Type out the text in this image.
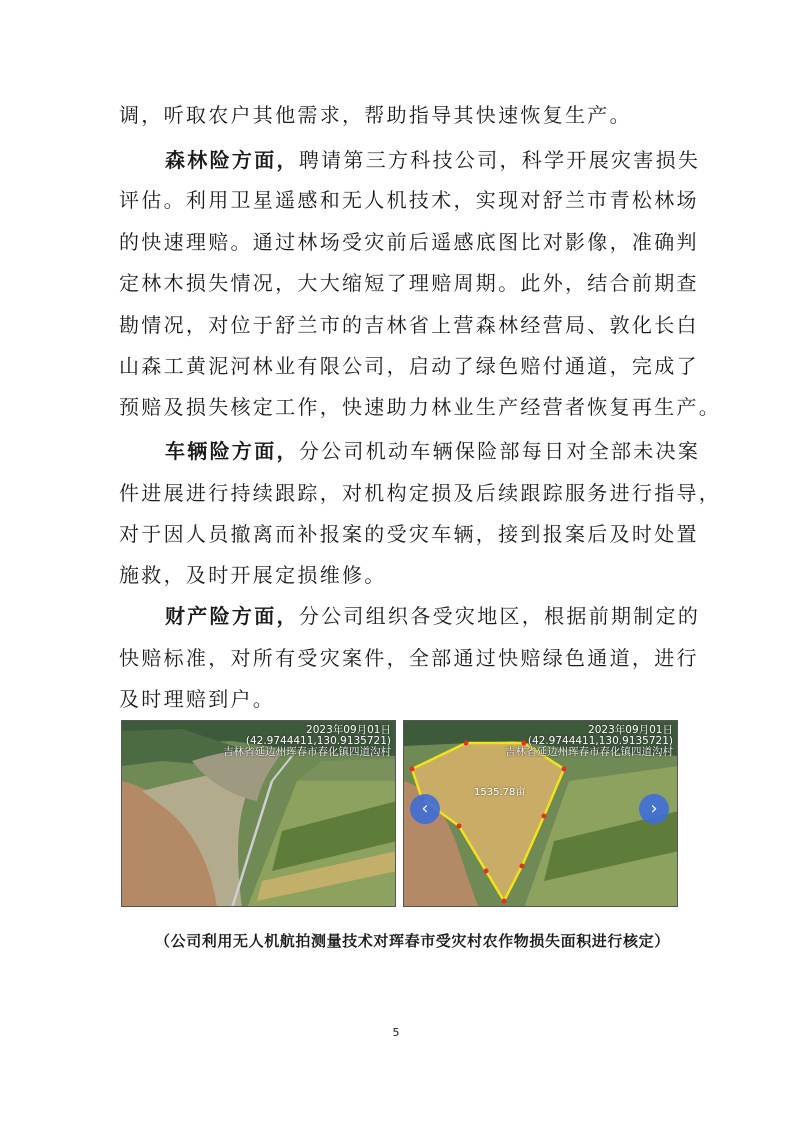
调，听取农户其他需求，帮助指导其快速恢复生产。
森林险方面，聘请第三方科技公司，科学开展灾害损失
评估。利用卫星遥感和无人机技术，实现对舒兰市青松林场
的快速理赔。通过林场受灾前后遥感底图比对影像，准确判
定林木损失情况，大大缩短了理赔周期。此外，结合前期查
勘情况，对位于舒兰市的吉林省上营森林经营局、敦化长白
山森工黄泥河林业有限公司，启动了绿色赔付通道，完成了
预赔及损失核定工作，快速助力林业生产经营者恢复再生产。
车辆险方面，分公司机动车辆保险部每日对全部未决案
件进展进行持续跟踪，对机构定损及后续跟踪服务进行指导，
对于因人员撤离而补报案的受灾车辆，接到报案后及时处置
施救，及时开展定损维修。
财产险方面，分公司组织各受灾地区，根据前期制定的
快赔标准，对所有受灾案件，全部通过快赔绿色通道，进行
及时理赔到户。
2023年09月01日
(42.9744411,130.9135721)
吉林省延边州珲春市春化镇四道沟村
2023年09月01日
(42.9744411,130.9135721)
吉林省延边州珲春市春化镇四道沟村
1535.78亩
‹	›
（公司利用无人机航拍测量技术对珲春市受灾村农作物损失面积进行核定）
5
